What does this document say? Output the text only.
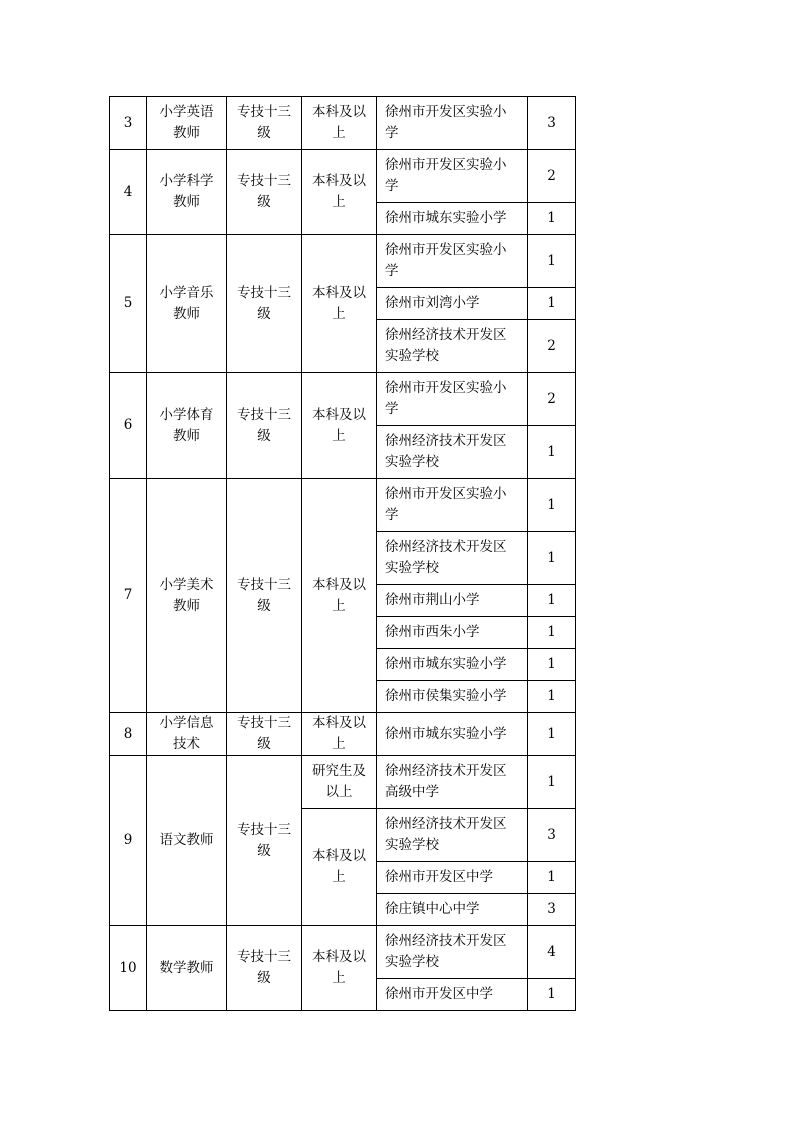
3	小学英语教师	专技十三级	本科及以上	徐州市开发区实验小学	3
4	小学科学教师	专技十三级	本科及以上	徐州市开发区实验小学	2
				徐州市城东实验小学	1
5	小学音乐教师	专技十三级	本科及以上	徐州市开发区实验小学	1
				徐州市刘湾小学	1
				徐州经济技术开发区实验学校	2
6	小学体育教师	专技十三级	本科及以上	徐州市开发区实验小学	2
				徐州经济技术开发区实验学校	1
7	小学美术教师	专技十三级	本科及以上	徐州市开发区实验小学	1
				徐州经济技术开发区实验学校	1
				徐州市荆山小学	1
				徐州市西朱小学	1
				徐州市城东实验小学	1
				徐州市侯集实验小学	1
8	小学信息技术	专技十三级	本科及以上	徐州市城东实验小学	1
9	语文教师	专技十三级	研究生及以上	徐州经济技术开发区高级中学	1
			本科及以上	徐州经济技术开发区实验学校	3
				徐州市开发区中学	1
				徐庄镇中心中学	3
10	数学教师	专技十三级	本科及以上	徐州经济技术开发区实验学校	4
				徐州市开发区中学	1
